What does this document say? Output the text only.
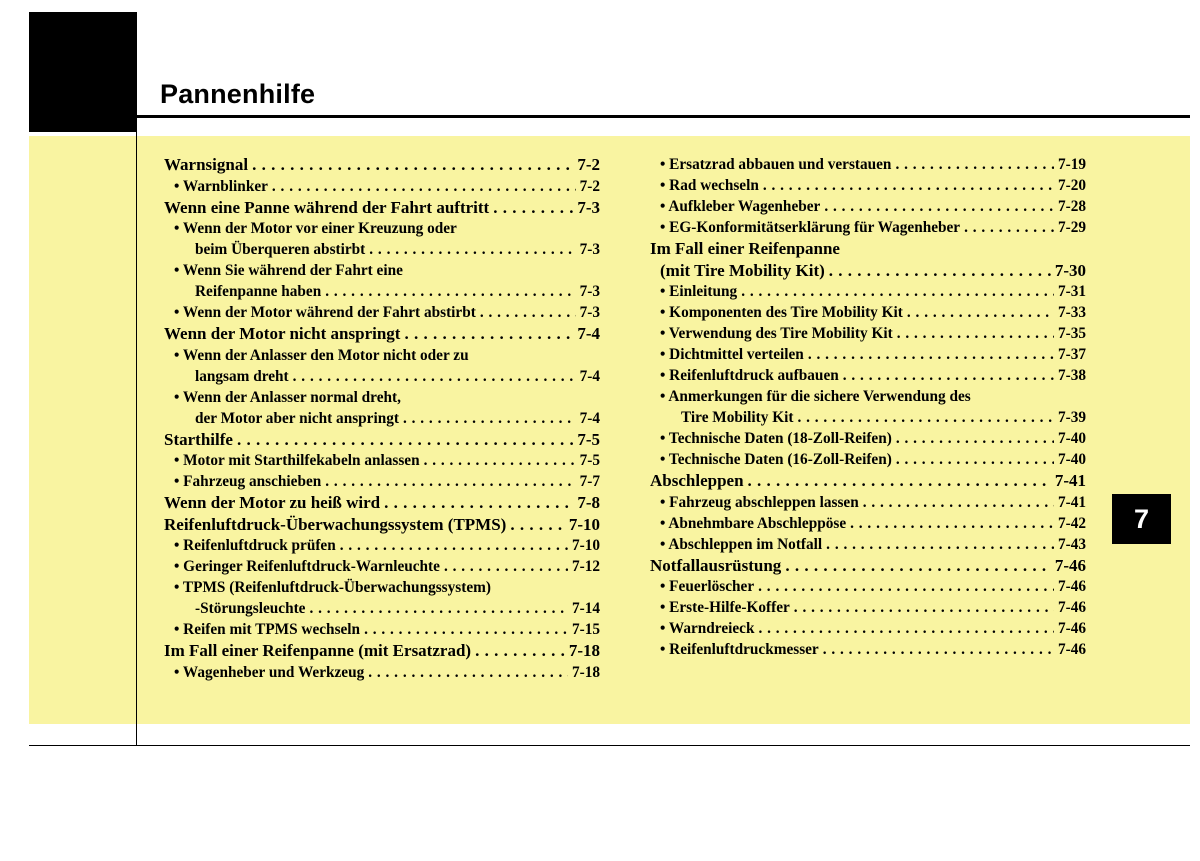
Pannenhilfe
7
Warnsignal . . .	7-2
• Warnblinker . . .	7-2
Wenn eine Panne während der Fahrt auftritt . . .	7-3
• Wenn der Motor vor einer Kreuzung oder
beim Überqueren abstirbt . . .	7-3
• Wenn Sie während der Fahrt eine
Reifenpanne haben . . .	7-3
• Wenn der Motor während der Fahrt abstirbt . . .	7-3
Wenn der Motor nicht anspringt . . .	7-4
• Wenn der Anlasser den Motor nicht oder zu
langsam dreht . . .	7-4
• Wenn der Anlasser normal dreht,
der Motor aber nicht anspringt . . .	7-4
Starthilfe . . .	7-5
• Motor mit Starthilfekabeln anlassen . . .	7-5
• Fahrzeug anschieben . . .	7-7
Wenn der Motor zu heiß wird . . .	7-8
Reifenluftdruck-Überwachungssystem (TPMS) . . .	7-10
• Reifenluftdruck prüfen . . .	7-10
• Geringer Reifenluftdruck-Warnleuchte . . .	7-12
• TPMS (Reifenluftdruck-Überwachungssystem)
-Störungsleuchte . . .	7-14
• Reifen mit TPMS wechseln . . .	7-15
Im Fall einer Reifenpanne (mit Ersatzrad) . . .	7-18
• Wagenheber und Werkzeug . . .	7-18
• Ersatzrad abbauen und verstauen . . .	7-19
• Rad wechseln . . .	7-20
• Aufkleber Wagenheber . . .	7-28
• EG-Konformitätserklärung für Wagenheber . . .	7-29
Im Fall einer Reifenpanne
(mit Tire Mobility Kit) . . .	7-30
• Einleitung . . .	7-31
• Komponenten des Tire Mobility Kit . . .	7-33
• Verwendung des Tire Mobility Kit . . .	7-35
• Dichtmittel verteilen . . .	7-37
• Reifenluftdruck aufbauen . . .	7-38
• Anmerkungen für die sichere Verwendung des
Tire Mobility Kit . . .	7-39
• Technische Daten (18-Zoll-Reifen) . . .	7-40
• Technische Daten (16-Zoll-Reifen) . . .	7-40
Abschleppen . . .	7-41
• Fahrzeug abschleppen lassen . . .	7-41
• Abnehmbare Abschleppöse . . .	7-42
• Abschleppen im Notfall . . .	7-43
Notfallausrüstung . . .	7-46
• Feuerlöscher . . .	7-46
• Erste-Hilfe-Koffer . . .	7-46
• Warndreieck . . .	7-46
• Reifenluftdruckmesser . . .	7-46
